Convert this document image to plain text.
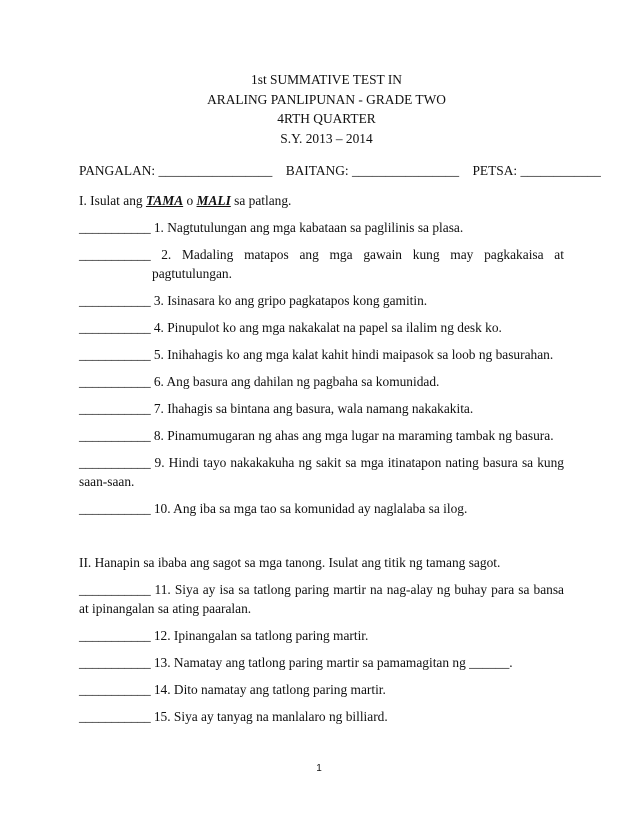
1st SUMMATIVE TEST IN
ARALING PANLIPUNAN - GRADE TWO
4RTH QUARTER
S.Y. 2013 – 2014
PANGALAN: _________________ BAITANG: ________________ PETSA: ____________
I. Isulat ang TAMA o MALI sa patlang.
___________ 1. Nagtutulungan ang mga kabataan sa paglilinis sa plasa.
___________ 2. Madaling matapos ang mga gawain kung may pagkakaisa at pagtutulungan.
___________ 3. Isinasara ko ang gripo pagkatapos kong gamitin.
___________ 4. Pinupulot ko ang mga nakakalat na papel sa ilalim ng desk ko.
___________ 5. Inihahagis ko ang mga kalat kahit hindi maipasok sa loob ng basurahan.
___________ 6. Ang basura ang dahilan ng pagbaha sa komunidad.
___________ 7. Ihahagis sa bintana ang basura, wala namang nakakakita.
___________ 8. Pinamumugaran ng ahas ang mga lugar na maraming tambak ng basura.
___________ 9. Hindi tayo nakakakuha ng sakit sa mga itinatapon nating basura sa kung saan-saan.
___________ 10. Ang iba sa mga tao sa komunidad ay naglalaba sa ilog.
II. Hanapin sa ibaba ang sagot sa mga tanong. Isulat ang titik ng tamang sagot.
___________ 11. Siya ay isa sa tatlong paring martir na nag-alay ng buhay para sa bansa at ipinangalan sa ating paaralan.
___________ 12. Ipinangalan sa tatlong paring martir.
___________ 13. Namatay ang tatlong paring martir sa pamamagitan ng ______.
___________ 14. Dito namatay ang tatlong paring martir.
___________ 15. Siya ay tanyag na manlalaro ng billiard.
1
